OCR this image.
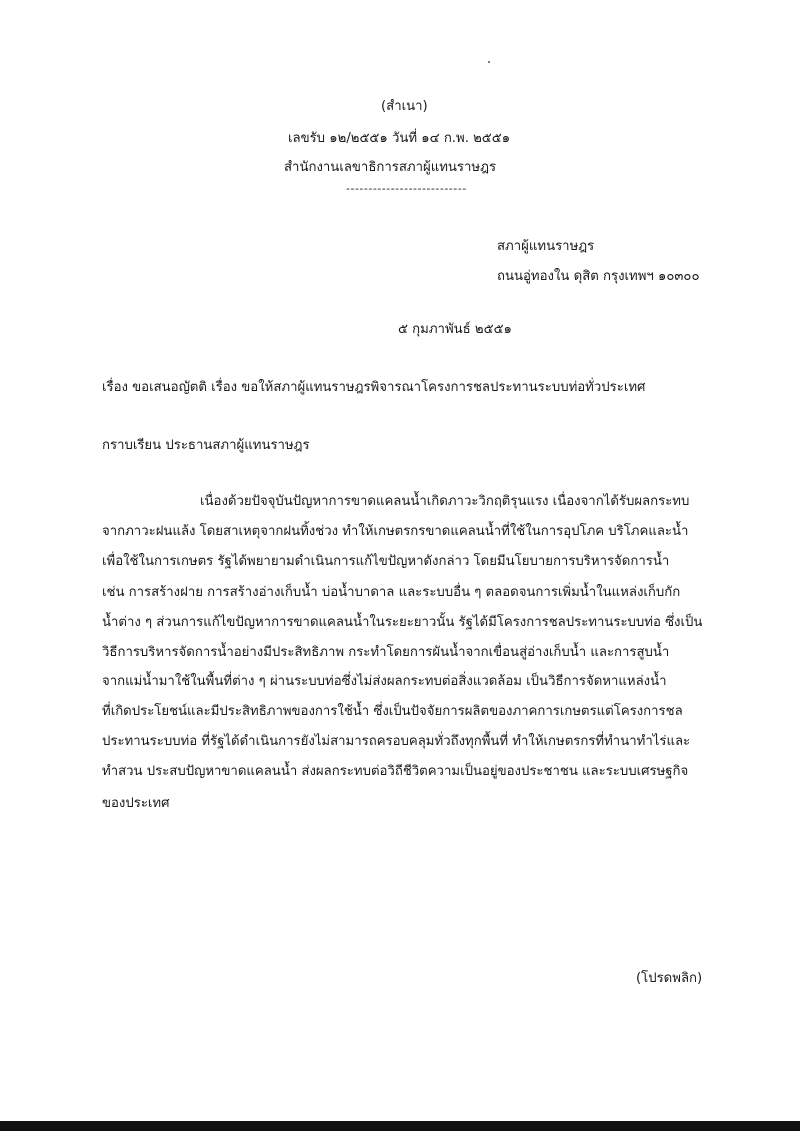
(สำเนา)
เลขรับ ๑๒/๒๕๕๑ วันที่ ๑๔ ก.พ. ๒๕๕๑
สำนักงานเลขาธิการสภาผู้แทนราษฎร
---------------------------
สภาผู้แทนราษฎร
ถนนอู่ทองใน ดุสิต กรุงเทพฯ ๑๐๓๐๐
๕ กุมภาพันธ์ ๒๕๕๑
เรื่อง ขอเสนอญัตติ เรื่อง ขอให้สภาผู้แทนราษฎรพิจารณาโครงการชลประทานระบบท่อทั่วประเทศ
กราบเรียน ประธานสภาผู้แทนราษฎร
เนื่องด้วยปัจจุบันปัญหาการขาดแคลนน้ำเกิดภาวะวิกฤติรุนแรง เนื่องจากได้รับผลกระทบ
จากภาวะฝนแล้ง โดยสาเหตุจากฝนทิ้งช่วง ทำให้เกษตรกรขาดแคลนน้ำที่ใช้ในการอุปโภค บริโภคและน้ำ
เพื่อใช้ในการเกษตร รัฐได้พยายามดำเนินการแก้ไขปัญหาดังกล่าว โดยมีนโยบายการบริหารจัดการน้ำ
เช่น การสร้างฝาย การสร้างอ่างเก็บน้ำ บ่อน้ำบาดาล และระบบอื่น ๆ ตลอดจนการเพิ่มน้ำในแหล่งเก็บกัก
น้ำต่าง ๆ ส่วนการแก้ไขปัญหาการขาดแคลนน้ำในระยะยาวนั้น รัฐได้มีโครงการชลประทานระบบท่อ ซึ่งเป็น
วิธีการบริหารจัดการน้ำอย่างมีประสิทธิภาพ กระทำโดยการผันน้ำจากเขื่อนสู่อ่างเก็บน้ำ และการสูบน้ำ
จากแม่น้ำมาใช้ในพื้นที่ต่าง ๆ ผ่านระบบท่อซึ่งไม่ส่งผลกระทบต่อสิ่งแวดล้อม เป็นวิธีการจัดหาแหล่งน้ำ
ที่เกิดประโยชน์และมีประสิทธิภาพของการใช้น้ำ ซึ่งเป็นปัจจัยการผลิตของภาคการเกษตรแต่โครงการชล
ประทานระบบท่อ ที่รัฐได้ดำเนินการยังไม่สามารถครอบคลุมทั่วถึงทุกพื้นที่ ทำให้เกษตรกรที่ทำนาทำไร่และ
ทำสวน ประสบปัญหาขาดแคลนน้ำ ส่งผลกระทบต่อวิถีชีวิตความเป็นอยู่ของประชาชน และระบบเศรษฐกิจ
ของประเทศ
(โปรดพลิก)
